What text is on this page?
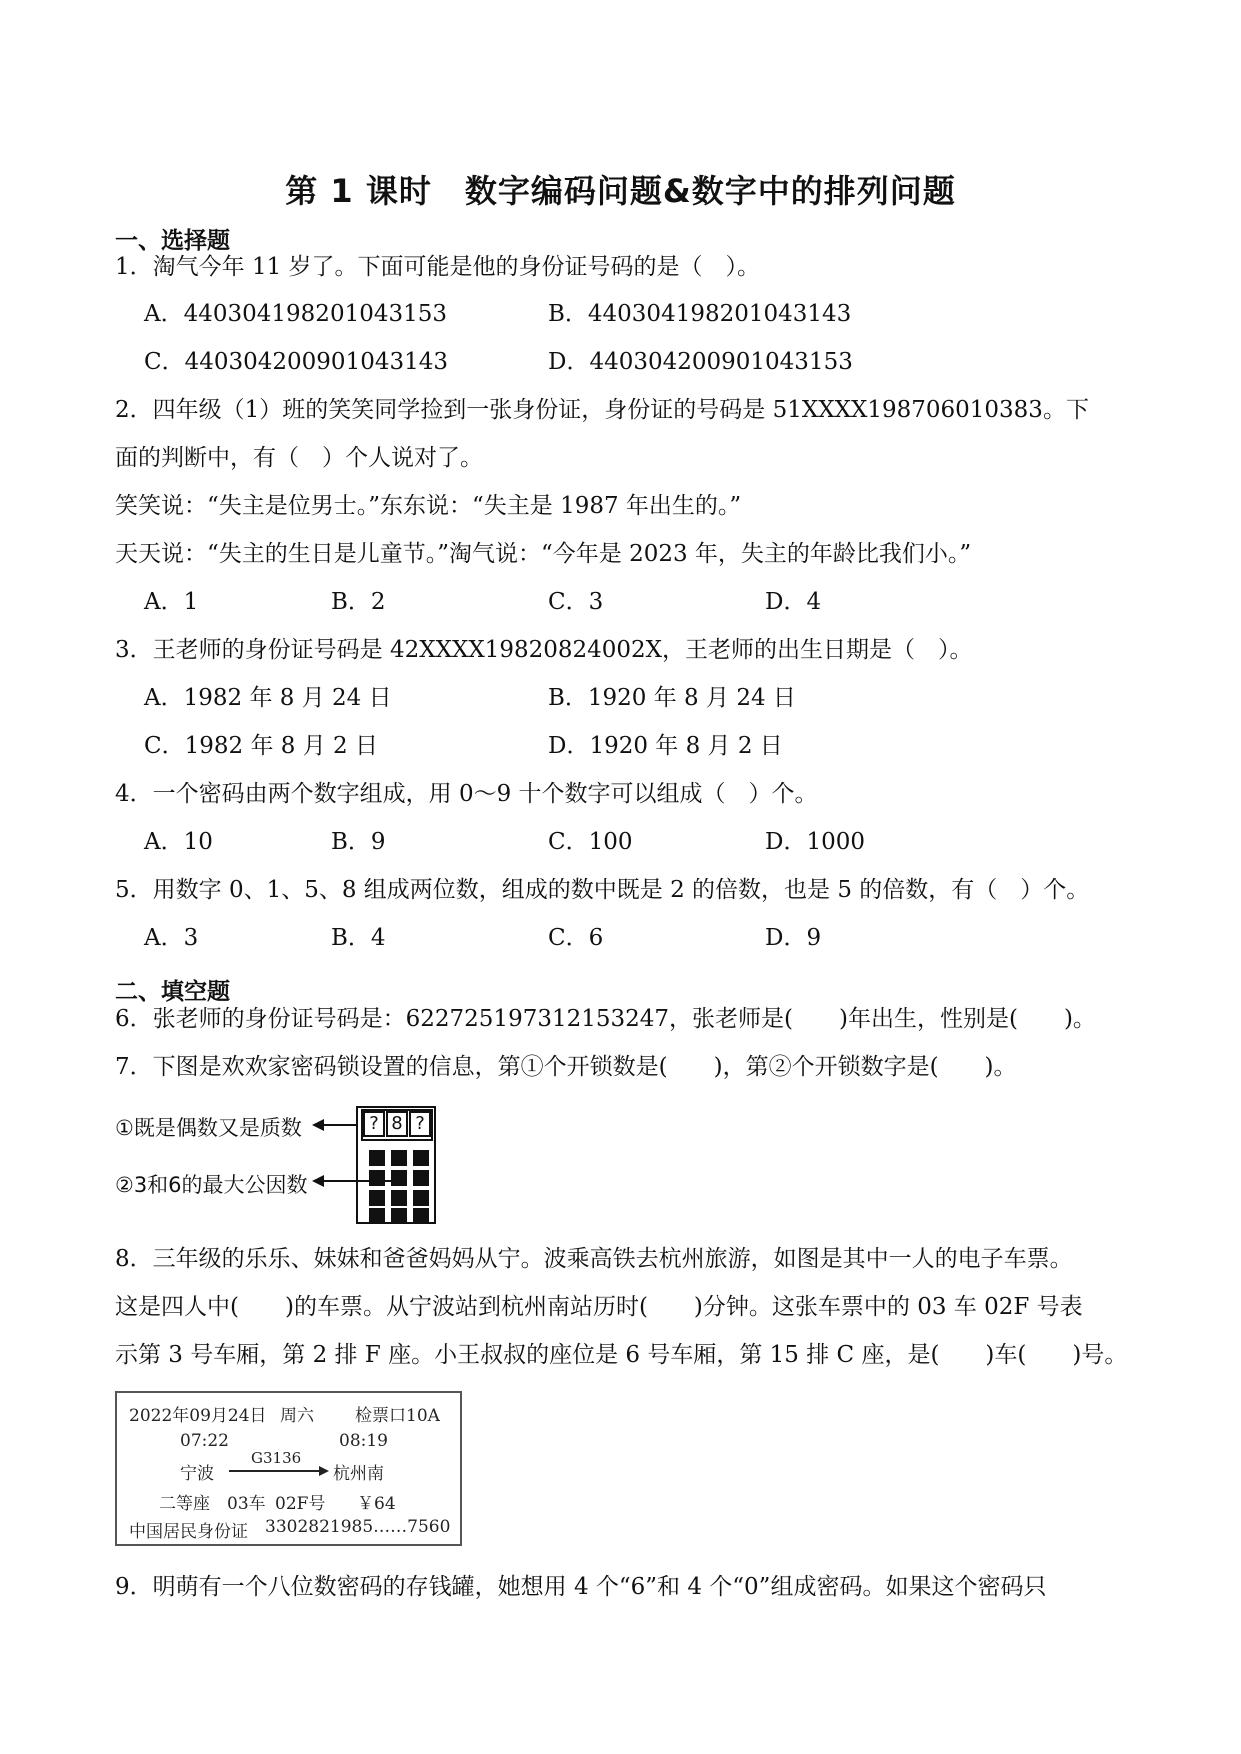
第 1 课时　数字编码问题&数字中的排列问题
一、选择题
1．淘气今年 11 岁了。下面可能是他的身份证号码的是（　）。
A．440304198201043153	B．440304198201043143
C．440304200901043143	D．440304200901043153
2．四年级（1）班的笑笑同学捡到一张身份证，身份证的号码是 51XXXX198706010383。下
面的判断中，有（　）个人说对了。
笑笑说：“失主是位男士。”东东说：“失主是 1987 年出生的。”
天天说：“失主的生日是儿童节。”淘气说：“今年是 2023 年，失主的年龄比我们小。”
A．1	B．2	C．3	D．4
3．王老师的身份证号码是 42XXXX19820824002X，王老师的出生日期是（　）。
A．1982 年 8 月 24 日	B．1920 年 8 月 24 日
C．1982 年 8 月 2 日	D．1920 年 8 月 2 日
4．一个密码由两个数字组成，用 0～9 十个数字可以组成（　）个。
A．10	B．9	C．100	D．1000
5．用数字 0、1、5、8 组成两位数，组成的数中既是 2 的倍数，也是 5 的倍数，有（　）个。
A．3	B．4	C．6	D．9
二、填空题
6．张老师的身份证号码是：622725197312153247，张老师是(　　)年出生，性别是(　　)。
7．下图是欢欢家密码锁设置的信息，第①个开锁数是(　　)，第②个开锁数字是(　　)。
①既是偶数又是质数
②3和6的最大公因数
? 8 ?
8．三年级的乐乐、妹妹和爸爸妈妈从宁。波乘高铁去杭州旅游，如图是其中一人的电子车票。
这是四人中(　　)的车票。从宁波站到杭州南站历时(　　)分钟。这张车票中的 03 车 02F 号表
示第 3 号车厢，第 2 排 F 座。小王叔叔的座位是 6 号车厢，第 15 排 C 座，是(　　)车(　　)号。
2022年09月24日 周六 检票口10A
07:22	08:19
宁波
G3136
杭州南
二等座 03车 02F号 ￥64
中国居民身份证 3302821985……7560
9．明萌有一个八位数密码的存钱罐，她想用 4 个“6”和 4 个“0”组成密码。如果这个密码只
